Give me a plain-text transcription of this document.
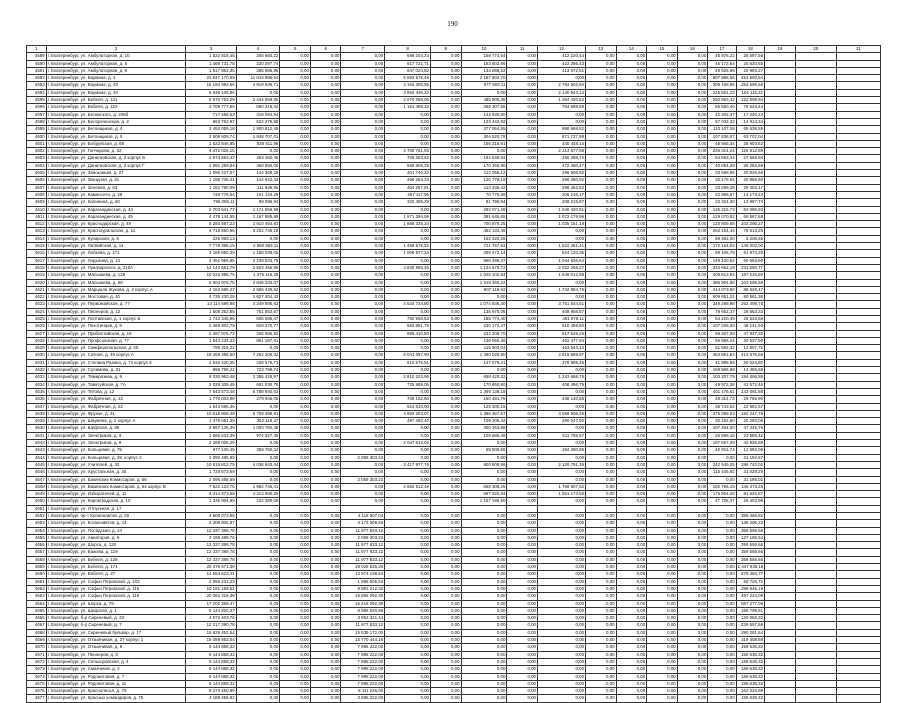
190
1	2	3	4	5	6	7	8	9	10	11	12	13	14	15	16	17	18	19	20	21
4589	г. Екатеринбург, ул. Амбулаторная, д. 10	1 522 815,45	206 660,22	0,00	0,00	0,00	689 204,24	0,00	158 774,64	0,00	412 220,44	0,00	0,00	0,00	0,00	45 976,22	28 597,58			
4590	г. Екатеринбург, ул. Амбулаторная, д. 6	1 469 731,78	220 297,74	0,00	0,00	0,00	617 721,71	0,00	153 602,96	0,00	422 386,43	0,00	0,00	0,00	0,00	45 172,64	20 630,55			
4591	г. Екатеринбург, ул. Амбулаторная, д. 8	1 517 853,35	285 986,96	0,00	0,00	0,00	647 024,82	0,00	134 098,52	0,00	413 072,91	0,00	0,00	0,00	0,00	49 626,96	20 993,27			
4592	г. Екатеринбург, ул. Баумана, д. 1	23 847 170,99	11 043 986,64	0,00	0,00	0,00	5 593 678,45	0,00	2 187 802,70	0,00	0,00	0,00	0,00	0,00	0,00	807 886,56	451 993,64			
4593	г. Екатеринбург, ул. Баумана, д. 23	15 184 392,66	4 919 636,71	0,00	0,00	0,00	4 163 305,95	0,00	977 809,11	0,00	2 784 602,84	0,00	0,00	0,00	0,00	306 168,96	252 696,55			
4594	г. Екатеринбург, ул. Баумана, д. 34	5 536 105,86	0,00	0,00	0,00	0,00	3 863 436,22	0,00	0,00	0,00	2 140 843,14	0,00	0,00	0,00	0,00	225 551,23	104 115,31			
4595	г. Екатеринбург, ул. Бебеля, д. 121	6 570 753,29	2 444 969,90	0,00	0,00	0,00	2 070 066,06	0,00	485 805,35	0,00	1 284 420,62	0,00	0,00	0,00	0,00	260 863,42	122 598,94			
4596	г. Екатеринбург, ул. Бебеля, д. 122	3 709 777,66	680 315,44	0,00	0,00	0,00	1 151 489,32	0,00	269 307,66	0,00	784 688,89	0,00	0,00	0,00	0,00	85 550,40	76 523,44			
4597	г. Екатеринбург, ул. Белинского, д. 206б	717 458,53	318 094,94	0,00	0,00	0,00	0,00	0,00	143 930,80	0,00	0,00	0,00	0,00	0,00	0,00	42 202,37	17 240,24			
4598	г. Екатеринбург, ул. Белореченская, д. 2	963 762,97	622 275,98	0,00	0,00	0,00	0,00	0,00	123 442,82	0,00	0,00	0,00	0,00	0,00	0,00	67 032,32	14 914,34			
4599	г. Екатеринбург, ул. Бетонщиков, д. 4	3 452 059,18	1 900 812,45	0,00	0,00	0,00	0,00	0,00	377 064,55	0,00	998 568,52	0,00	0,00	0,00	0,00	110 107,28	65 538,55			
4600	г. Екатеринбург, ул. Бетонщиков, д. 5	2 506 809,74	1 848 707,01	0,00	0,00	0,00	0,00	0,00	304 520,78	0,00	871 727,99	0,00	0,00	0,00	0,00	107 838,07	63 707,04			
4601	г. Екатеринбург, ул. Бобруйская, д. 68	1 522 846,95	838 411,98	0,00	0,00	0,00	0,00	0,00	166 315,91	0,00	440 448,14	0,00	0,00	0,00	0,00	48 565,34	28 903,52			
4602	г. Екатеринбург, ул. Гончарова, д. 32	4 472 026,15	0,00	0,00	0,00	0,00	3 700 761,93	0,00	0,00	0,00	2 214 877,98	0,00	0,00	0,00	0,00	226 314,24	126 912,89			
4603	г. Екатеринбург, ул. Данилковская, д. 2 корпус Б	1 974 663,42	453 482,46	0,00	0,00	0,00	706 353,62	0,00	184 549,92	0,00	480 399,72	0,00	0,00	0,00	0,00	54 063,34	27 658,94			
4604	г. Екатеринбург, ул. Данилковская, д. 2 корпус Г	1 991 259,84	460 850,00	0,00	0,00	0,00	559 805,25	0,00	170 256,90	0,00	472 480,47	0,00	0,00	0,00	0,00	40 064,39	36 282,68			
4605	г. Екатеринбург, ул. Завокзаная, д. 27	1 096 227,57	144 368,26	0,00	0,00	0,00	401 740,22	0,00	112 069,12	0,00	296 906,92	0,00	0,00	0,00	0,00	33 696,96	20 845,68			
4606	г. Екатеринбург, ул. Звездная, д. 31	1 196 735,41	144 622,43	0,00	0,00	0,00	468 264,33	0,00	120 778,19	0,00	298 360,92	0,00	0,00	0,00	0,00	32 175,94	20 866,60			
4607	г. Екатеринбург, ул. Зеленая, д. 63	1 152 780,09	111 945,95	0,00	0,00	0,00	404 267,81	0,00	113 436,42	0,00	298 462,52	0,00	0,00	0,00	0,00	33 289,28	29 402,17			
4608	г. Екатеринбург, ул. Камнесечн, д. 28	749 778,54	101 143,29	0,00	0,00	0,00	257 117,96	0,00	76 775,89	0,00	205 216,17	0,00	0,00	0,00	0,00	22 966,67	14 173,24			
4609	г. Екатеринбург, ул. Калинина, д. 60	796 095,11	99 096,94	0,00	0,00	0,00	322 485,29	0,00	81 799,94	0,00	208 215,87	0,00	0,00	0,00	0,00	23 324,30	13 997,74			
4610	г. Екатеринбург, ул. Карагандинская, д. 43	2 703 641,77	1 171 556,99	0,00	0,00	0,00	0,00	0,00	292 071,26	0,00	1 040 420,81	0,00	0,00	0,00	0,00	125 315,73	53 096,93			
4611	г. Екатеринбург, ул. Карагандинская, д. 45	4 478 144,55	1 167 885,89	0,00	0,00	0,00	1 671 394,99	0,00	391 645,65	0,00	1 072 179,96	0,00	0,00	0,00	0,00	129 070,82	66 567,69			
4612	г. Екатеринбург, ул. Краснодарская, д. 49	5 293 597,23	1 910 454,83	0,00	0,00	0,00	1 668 325,24	0,00	700 879,25	0,00	1 035 151,18	0,00	0,00	0,00	0,00	125 809,68	102 296,27			
4613	г. Екатеринбург, ул. Красноуральская, д. 11	4 718 850,96	3 202 745,18	0,00	0,00	0,00	0,00	0,00	452 133,46	0,00	0,00	0,00	0,00	0,00	0,00	292 154,44	79 613,25			
4614	г. Екатеринбург, ул. Кунарская, д. 5	225 993,13	0,00	0,00	0,00	0,00	0,00	0,00	162 320,26	0,00	0,00	0,00	0,00	0,00	0,00	59 462,00	3 206,55			
4615	г. Екатеринбург, ул. Латвийская, д. 14	7 778 396,15	2 980 393,11	0,00	0,00	0,00	1 458 678,52	0,00	721 757,62	0,00	1 522 461,41	0,00	0,00	0,00	0,00	172 164,02	149 002,00			
4616	г. Екатеринбург, ул. Лобкова, д. 171	3 185 890,39	1 188 039,05	0,00	0,00	0,00	1 006 877,34	0,00	255 472,14	0,00	624 120,35	0,00	0,00	0,00	0,00	69 106,75	51 974,20			
4617	г. Екатеринбург, ул. Лодыгина, д. 13	4 451 956,85	2 239 043,79	0,00	0,00	0,00	0,00	0,00	966 498,37	0,00	1 044 636,54	0,00	0,00	0,00	0,00	149 100,54	60 663,60			
4618	г. Екатеринбург, ул. Луначарского, д. 210А	12 143 651,79	2 603 455,99	0,00	0,00	0,00	4 830 655,45	0,00	1 134 670,72	0,00	2 022 256,27	0,00	0,00	0,00	0,00	334 652,19	231 560,77			
4619	г. Екатеринбург, ул. Малышева, д. 128	10 022 995,75	1 375 116,39	0,00	0,00	0,00	0,00	0,00	1 025 102,84	0,00	1 649 012,98	0,00	0,00	0,00	0,00	409 612,54	197 234,80			
4620	г. Екатеринбург, ул. Малышева, д. 98	5 604 978,75	3 845 333,07	0,00	0,00	0,00	0,00	0,00	1 319 465,22	0,00	0,00	0,00	0,00	0,00	0,00	386 904,96	103 295,58			
4621	г. Екатеринбург, ул. Маршала Жукова, д. 2 корпус А	4 163 585,27	2 556 439,62	0,00	0,00	0,00	0,00	0,00	907 119,62	0,00	1 742 984,75	0,00	0,00	0,00	0,00	414 073,90	88 528,47			
4622	г. Екатеринбург, ул. Мостовая, д. 10	4 735 230,29	1 627 304,43	0,00	0,00	0,00	0,00	0,00	0,00	0,00	0,00	0,00	0,00	0,00	0,00	609 691,24	80 561,38			
4623	г. Екатеринбург, ул. Первомайская, д. 77	13 114 698,88	4 349 895,63	0,00	0,00	0,00	4 534 734,80	0,00	1 074 836,30	0,00	3 751 534,51	0,00	0,00	0,00	0,00	349 298,98	262 499,78			
4624	г. Екатеринбург, ул. Пионеров, д. 12	1 508 352,85	751 853,67	0,00	0,00	0,00	0,00	0,00	135 975,06	0,00	409 958,57	0,00	0,00	0,00	0,00	79 652,37	28 663,33			
4625	г. Екатеринбург, ул. Полтавская, д. 1 корпус Б	2 742 345,96	836 595,47	0,00	0,00	0,00	792 900,53	0,00	185 774,40	0,00	491 979,11	0,00	0,00	0,00	0,00	54 220,49	28 533,68			
4626	г. Екатеринбург, ул. Пехотинцев, д. 9	2 468 802,79	829 270,77	0,00	0,00	0,00	583 881,75	0,00	230 172,47	0,00	610 459,80	0,00	0,00	0,00	0,00	107 026,00	48 141,93			
4627	г. Екатеринбург, ул. Прибалтийская, д. 19	2 497 876,72	335 586,52	0,00	0,00	0,00	995 410,80	0,00	233 208,70	0,00	617 526,25	0,00	0,00	0,00	0,00	68 307,09	47 837,30			
4628	г. Екатеринбург, ул. Профсоюзная, д. 77	1 544 234,33	861 197,01	0,00	0,00	0,00	0,00	0,00	136 055,36	0,00	452 477,94	0,00	0,00	0,00	0,00	56 856,24	30 537,60			
4629	г. Екатеринбург, ул. Симферопольская, д. 20	796 316,22	0,00	0,00	0,00	0,00	0,00	0,00	115 903,04	0,00	463 543,14	0,00	0,00	0,00	0,00	51 592,32	12 807,72			
4630	г. Екатеринбург, ул. Ситная, д. 49 корпус А	19 458 358,60	7 252 205,32	0,00	0,00	0,00	6 041 097,90	0,00	1 490 029,90	0,00	3 816 589,97	0,00	0,00	0,00	0,00	463 951,62	413 576,58			
4631	г. Екатеринбург, ул. Степана Разина, д. 72 корпус 3	1 532 420,05	228 576,73	0,00	0,00	0,00	610 676,51	0,00	147 078,21	0,00	378 988,46	0,00	0,00	0,00	0,00	41 985,55	29 024,80			
4632	г. Екатеринбург, ул. Сулимова, д. 31	896 798,22	723 799,74	0,00	0,00	0,00	0,00	0,00	0,00	0,00	0,00	0,00	0,00	0,00	0,00	158 565,88	14 455,59			
4633	г. Екатеринбург, ул. Тимирязева, д. 9	8 330 963,48	2 356 425,97	0,00	0,00	0,00	2 810 223,96	0,00	658 420,32	0,00	1 343 668,75	0,00	0,00	0,00	0,00	103 207,79	194 366,58			
4634	г. Екатеринбург, ул. Таватуйская, д. 7А	2 028 309,49	691 030,76	0,00	0,00	0,00	725 989,05	0,00	170 860,90	0,00	408 496,79	0,00	0,00	0,00	0,00	49 972,36	41 572,46			
4635	г. Екатеринбург, ул. Титова, д. 12	7 643 573,48	5 788 940,63	0,00	0,00	0,00	0,00	0,00	1 369 138,18	0,00	0,00	0,00	0,00	0,00	0,00	401 476,61	143 091,88			
4636	г. Екатеринбург, ул. Фабричная, д. 13	1 770 003,98	279 946,05	0,00	0,00	0,00	706 152,60	0,00	160 481,76	0,00	438 140,85	0,00	0,00	0,00	0,00	48 314,73	29 765,90			
4637	г. Екатеринбург, ул. Фабричная, д. 22	1 643 686,36	0,00	0,00	0,00	0,00	524 810,90	0,00	125 300,15	0,00	0,00	0,00	0,00	0,00	0,00	36 743,62	22 692,57			
4638	г. Екатеринбург, ул. Фрунзе, д. 31	10 515 908,48	5 709 498,91	0,00	0,00	0,00	4 993 253,07	0,00	1 396 487,67	0,00	3 068 606,25	0,00	0,00	0,00	0,00	375 095,02	192 247,78			
4639	г. Екатеринбург, ул. Шаумяна, д. 2 корпус А	1 479 651,39	352 119,47	0,00	0,00	0,00	497 482,40	0,00	109 205,42	0,00	290 047,92	0,00	0,00	0,00	0,00	32 152,60	20 283,06			
4640	г. Екатеринбург, ул. Шефская, д. 89	2 557 136,39	1 003 782,48	0,00	0,00	0,00	0,00	0,00	300 363,88	0,00	0,00	0,00	0,00	0,00	0,00	107 404,00	47 445,76			
4641	г. Екатеринбург, ул. Электриков, д. 3	1 566 533,39	974 327,49	0,00	0,00	0,00	0,00	0,00	109 686,49	0,00	511 758,57	0,00	0,00	0,00	0,00	26 689,16	23 585,42			
4642	г. Екатеринбург, ул. Электриков, д. 9	2 288 006,29	0,00	0,00	0,00	0,00	2 047 613,02	0,00	0,00	0,00	0,00	0,00	0,00	0,00	0,00	197 557,39	42 835,88			
4643	г. Екатеринбург, ул. Кольцевая, д. 79	677 130,45	359 750,24	0,00	0,00	0,00	0,00	0,00	69 505,66	0,00	194 280,85	0,00	0,00	0,00	0,00	40 921,74	12 592,06			
4644	г. Екатеринбург, ул. Кольцевая, д. 29, корпус 2	2 090 495,89	0,00	0,00	0,00	2 059 303,22	0,00	0,00	0,00	0,00	0,00	0,00	0,00	0,00	0,00	0,00	31 192,67			
4645	г. Екатеринбург, ул. Учителей, д. 32	10 815 812,79	4 036 943,44	0,00	0,00	0,00	3 417 977,76	0,00	800 808,96	0,00	2 120 791,36	0,00	0,00	0,00	0,00	242 549,25	196 742,02			
4646	г. Екатеринбург, ул. Хрустальная, д. 45	1 720 573,69	0,00	0,00	0,00	0,00	0,00	0,00	0,00	0,00	0,00	0,00	0,00	0,00	0,00	115 445,92	31 028,29			
4647	г. Екатеринбург, ул. Бакинских Комиссаров, д. 56	2 095 458,59	0,00	0,00	0,00	2 059 303,22	0,00	0,00	0,00	0,00	0,00	0,00	0,00	0,00	0,00	0,00	31 195,02			
4648	г. Екатеринбург, ул. Бакинских Комиссаров, д. 64 корпус В	7 622 123,75	1 992 745,41	0,00	0,00	0,00	2 652 512,49	0,00	668 308,25	0,00	1 769 907,62	0,00	0,00	0,00	0,00	192 756,19	145 473,28			
4649	г. Екатеринбург, ул. Избирателей, д. 11	4 314 973,68	2 113 680,26	0,00	0,00	0,00	0,00	0,00	597 320,84	0,00	1 551 173,50	0,00	0,00	0,00	0,00	175 804,26	81 620,87			
4650	г. Екатеринбург, ул. Кировградская, д. 10	1 335 804,99	102 380,09	0,00	0,00	0,00	0,00	0,00	1 157 196,50	0,00	0,00	0,00	0,00	0,00	0,00	47 726,37	25 403,98			
4651	г. Екатеринбург, ул. Отпускная, д. 17																			
4652	г. Екатеринбург, пр-т Космонавтов, д. 29	4 508 073,96	0,00	0,00	0,00	4 118 607,04	0,00	0,00	0,00	0,00	0,00	0,00	0,00	0,00	0,00	0,00	389 466,92			
4653	г. Екатеринбург, ул. Космонавтов, д. 14	4 308 805,87	0,00	0,00	0,00	4 173 509,65	0,00	0,00	0,00	0,00	0,00	0,00	0,00	0,00	0,00	0,00	135 296,22			
4654	г. Екатеринбург, ул. Посадская, д. 14	12 337 389,78	0,00	0,00	0,00	11 977 833,12	0,00	0,00	0,00	0,00	0,00	0,00	0,00	0,00	0,00	0,00	359 556,66			
4655	г. Екатеринбург, ул. Авиаторов, д. 9	2 186 489,76	0,00	0,00	0,00	2 059 303,22	0,00	0,00	0,00	0,00	0,00	0,00	0,00	0,00	0,00	0,00	127 186,54			
4656	г. Екатеринбург, ул. Шорса, д. 120	12 337 389,78	0,00	0,00	0,00	11 977 833,12	0,00	0,00	0,00	0,00	0,00	0,00	0,00	0,00	0,00	0,00	359 556,66			
4657	г. Екатеринбург, ул. Бажова, д. 119	12 337 389,78	0,00	0,00	0,00	11 977 833,12	0,00	0,00	0,00	0,00	0,00	0,00	0,00	0,00	0,00	0,00	359 556,66			
4658	г. Екатеринбург, ул. Бебеля, д. 128	12 337 389,78	0,00	0,00	0,00	11 977 833,12	0,00	0,00	0,00	0,00	0,00	0,00	0,00	0,00	0,00	0,00	359 556,66			
4659	г. Екатеринбург, ул. Бебеля, д. 174	20 476 571,38	0,00	0,00	0,00	19 028 635,20	0,00	0,00	0,00	0,00	0,00	0,00	0,00	0,00	0,00	0,00	1 447 936,18			
4660	г. Екатеринбург, ул. Бебеля, д. 27	14 553 623,41	0,00	0,00	0,00	13 974 138,64	0,00	0,00	0,00	0,00	0,00	0,00	0,00	0,00	0,00	0,00	579 484,77			
4661	г. Екатеринбург, ул. Софьи Перовской, д. 103	2 056 231,23	0,00	0,00	0,00	1 996 505,52	0,00	0,00	0,00	0,00	0,00	0,00	0,00	0,00	0,00	0,00	59 725,71			
4662	г. Екатеринбург, ул. Софьи Перовской, д. 115	10 181 158,51	0,00	0,00	0,00	9 881 212,32	0,00	0,00	0,00	0,00	0,00	0,00	0,00	0,00	0,00	0,00	299 946,19			
4663	г. Екатеринбург, ул. Софьи Перовской, д. 119	20 362 316,38	0,00	0,00	0,00	19 865 092,30	0,00	0,00	0,00	0,00	0,00	0,00	0,00	0,00	0,00	0,00	497 224,08			
4664	г. Екатеринбург, ул. Шорса, д. 79	17 202 369,47	0,00	0,00	0,00	16 615 092,39	0,00	0,00	0,00	0,00	0,00	0,00	0,00	0,00	0,00	0,00	587 277,08			
4665	г. Екатеринбург, ул. Шефская, д. 1	9 144 820,37	0,00	0,00	0,00	8 986 020,86	0,00	0,00	0,00	0,00	0,00	0,00	0,00	0,00	0,00	0,00	158 799,51			
4666	г. Екатеринбург, б-р Сиреневый, д. 23	4 072 403,76	0,00	0,00	0,00	3 952 321,44	0,00	0,00	0,00	0,00	0,00	0,00	0,00	0,00	0,00	0,00	120 082,32			
4667	г. Екатеринбург, б-р Сиреневый, д. 7	12 217 390,78	0,00	0,00	0,00	11 977 833,12	0,00	0,00	0,00	0,00	0,00	0,00	0,00	0,00	0,00	0,00	239 557,66			
4668	г. Екатеринбург, ул. Сиреневый бульвар, д. 17	15 829 453,64	0,00	0,00	0,00	15 539 172,00	0,00	0,00	0,00	0,00	0,00	0,00	0,00	0,00	0,00	0,00	290 281,64			
4669	г. Екатеринбург, ул. Отзывчивая, д. 27 корпус 1	16 089 853,04	0,00	0,00	0,00	15 770 444,16	0,00	0,00	0,00	0,00	0,00	0,00	0,00	0,00	0,00	0,00	319 408,88			
4670	г. Екатеринбург, ул. Отзывчивая, д. 9	8 144 858,32	0,00	0,00	0,00	7 985 222,00	0,00	0,00	0,00	0,00	0,00	0,00	0,00	0,00	0,00	0,00	159 636,32			
4671	г. Екатеринбург, ул. Пионеров, д. 8	8 144 858,32	0,00	0,00	0,00	7 985 222,00	0,00	0,00	0,00	0,00	0,00	0,00	0,00	0,00	0,00	0,00	159 636,32			
4672	г. Екатеринбург, ул. Селькоровская, д. 4	8 144 858,32	0,00	0,00	0,00	7 985 222,00	0,00	0,00	0,00	0,00	0,00	0,00	0,00	0,00	0,00	0,00	159 636,32			
4673	г. Екатеринбург, ул. Смазчиков, д. 2	8 144 858,32	0,00	0,00	0,00	7 985 222,00	0,00	0,00	0,00	0,00	0,00	0,00	0,00	0,00	0,00	0,00	159 636,32			
4674	г. Екатеринбург, ул. Родонитовая, д. 7	8 144 858,32	0,00	0,00	0,00	7 985 222,00	0,00	0,00	0,00	0,00	0,00	0,00	0,00	0,00	0,00	0,00	159 636,32			
4675	г. Екатеринбург, ул. Родонитовая, д. 11	8 144 858,32	0,00	0,00	0,00	7 985 222,00	0,00	0,00	0,00	0,00	0,00	0,00	0,00	0,00	0,00	0,00	159 636,32			
4676	г. Екатеринбург, ул. Краснолесья, д. 75	8 273 450,99	0,00	0,00	0,00	8 111 226,00	0,00	0,00	0,00	0,00	0,00	0,00	0,00	0,00	0,00	0,00	162 224,99			
4677	г. Екатеринбург, ул. Красных командиров, д. 75	4 188 456,82	0,00	0,00	0,00	3 985 222,00	0,00	0,00	0,00	0,00	0,00	0,00	0,00	0,00	0,00	0,00	159 636,32			
